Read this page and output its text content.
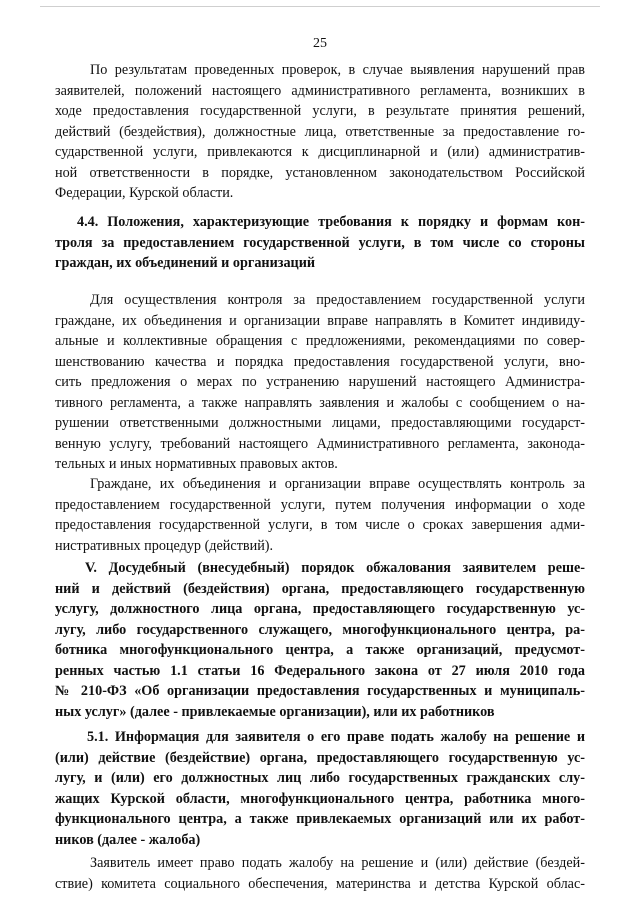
25

По результатам проведенных проверок, в случае выявления нарушений прав
заявителей, положений настоящего административного регламента, возникших в
ходе предоставления государственной услуги, в результате принятия решений,
действий (бездействия), должностные лица, ответственные за предоставление го-
сударственной услуги, привлекаются к дисциплинарной и (или) административ-
ной ответственности в порядке, установленном законодательством Российской
Федерации, Курской области.

4.4. Положения, характеризующие требования к порядку и формам кон-
троля за предоставлением государственной услуги, в том числе со стороны
граждан, их объединений и организаций

Для осуществления контроля за предоставлением государственной услуги
граждане, их объединения и организации вправе направлять в Комитет индивиду-
альные и коллективные обращения с предложениями, рекомендациями по совер-
шенствованию качества и порядка предоставления государственой услуги, вно-
сить предложения о мерах по устранению нарушений настоящего Администра-
тивного регламента, а также направлять заявления и жалобы с сообщением о на-
рушении ответственными должностными лицами, предоставляющими государст-
венную услугу, требований настоящего Административного регламента, законода-
тельных и иных нормативных правовых актов.

Граждане, их объединения и организации вправе осуществлять контроль за
предоставлением государственной услуги, путем получения информации о ходе
предоставления государственной услуги, в том числе о сроках завершения адми-
нистративных процедур (действий).

V. Досудебный (внесудебный) порядок обжалования заявителем реше-
ний и действий (бездействия) органа, предоставляющего государственную
услугу, должностного лица органа, предоставляющего государственную ус-
лугу, либо государственного служащего, многофункционального центра, ра-
ботника многофункционального центра, а также организаций, предусмот-
ренных частью 1.1 статьи 16 Федерального закона от 27 июля 2010 года
№ 210-ФЗ «Об организации предоставления государственных и муниципаль-
ных услуг» (далее - привлекаемые организации), или их работников

5.1. Информация для заявителя о его праве подать жалобу на решение и
(или) действие (бездействие) органа, предоставляющего государственную ус-
лугу, и (или) его должностных лиц либо государственных гражданских слу-
жащих Курской области, многофункционального центра, работника много-
функционального центра, а также привлекаемых организаций или их работ-
ников (далее - жалоба)

Заявитель имеет право подать жалобу на решение и (или) действие (бездей-
ствие) комитета социального обеспечения, материнства и детства Курской облас-
